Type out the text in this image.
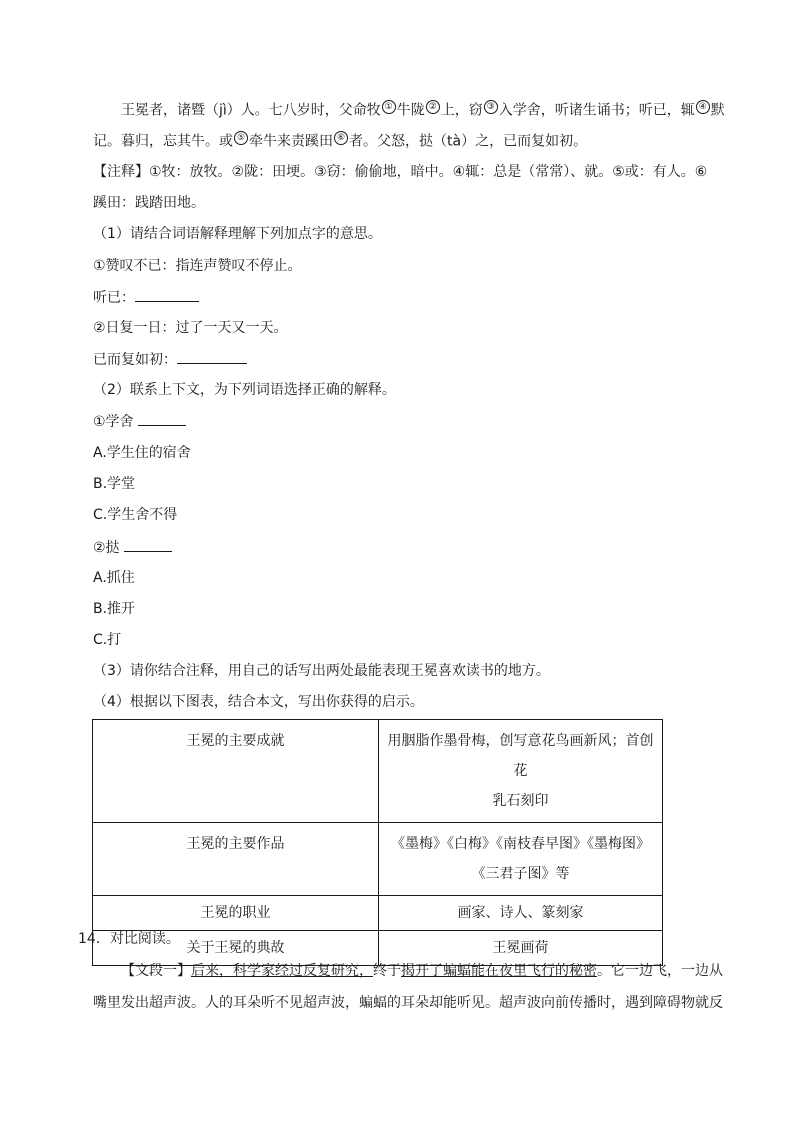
王冕者，诸暨（jì）人。七八岁时，父命牧 ① 牛陇 ② 上，窃 ③ 入学舍，听诸生诵书；听已，辄 ④ 默
记。暮归，忘其牛。或 ⑤ 牵牛来责蹊田 ⑥ 者。父怒，挞（tà）之，已而复如初。
【注释】①牧：放牧。②陇：田埂。③窃：偷偷地，暗中。④辄：总是（常常）、就。⑤或：有人。⑥
蹊田：践踏田地。
（1）请结合词语解释理解下列加点字的意思。
①赞叹不已：指连声赞叹不停止。
听已：
②日复一日：过了一天又一天。
已而复如初：
（2）联系上下文，为下列词语选择正确的解释。
①学舍
A.学生住的宿舍
B.学堂
C.学生舍不得
②挞
A.抓住
B.推开
C.打
（3）请你结合注释，用自己的话写出两处最能表现王冕喜欢读书的地方。
（4）根据以下图表，结合本文，写出你获得的启示。
王冕的主要成就	用胭脂作墨骨梅，创写意花鸟画新风；首创花
乳石刻印

王冕的主要作品	《墨梅》《白梅》《南枝春早图》《墨梅图》
《三君子图》等

王冕的职业	画家、诗人、篆刻家
关于王冕的典故	王冕画荷
14．对比阅读。
【文段一】后来，科学家经过反复研究，终于揭开了蝙蝠能在夜里飞行的秘密。它一边飞，一边从
嘴里发出超声波。人的耳朵听不见超声波，蝙蝠的耳朵却能听见。超声波向前传播时，遇到障碍物就反
